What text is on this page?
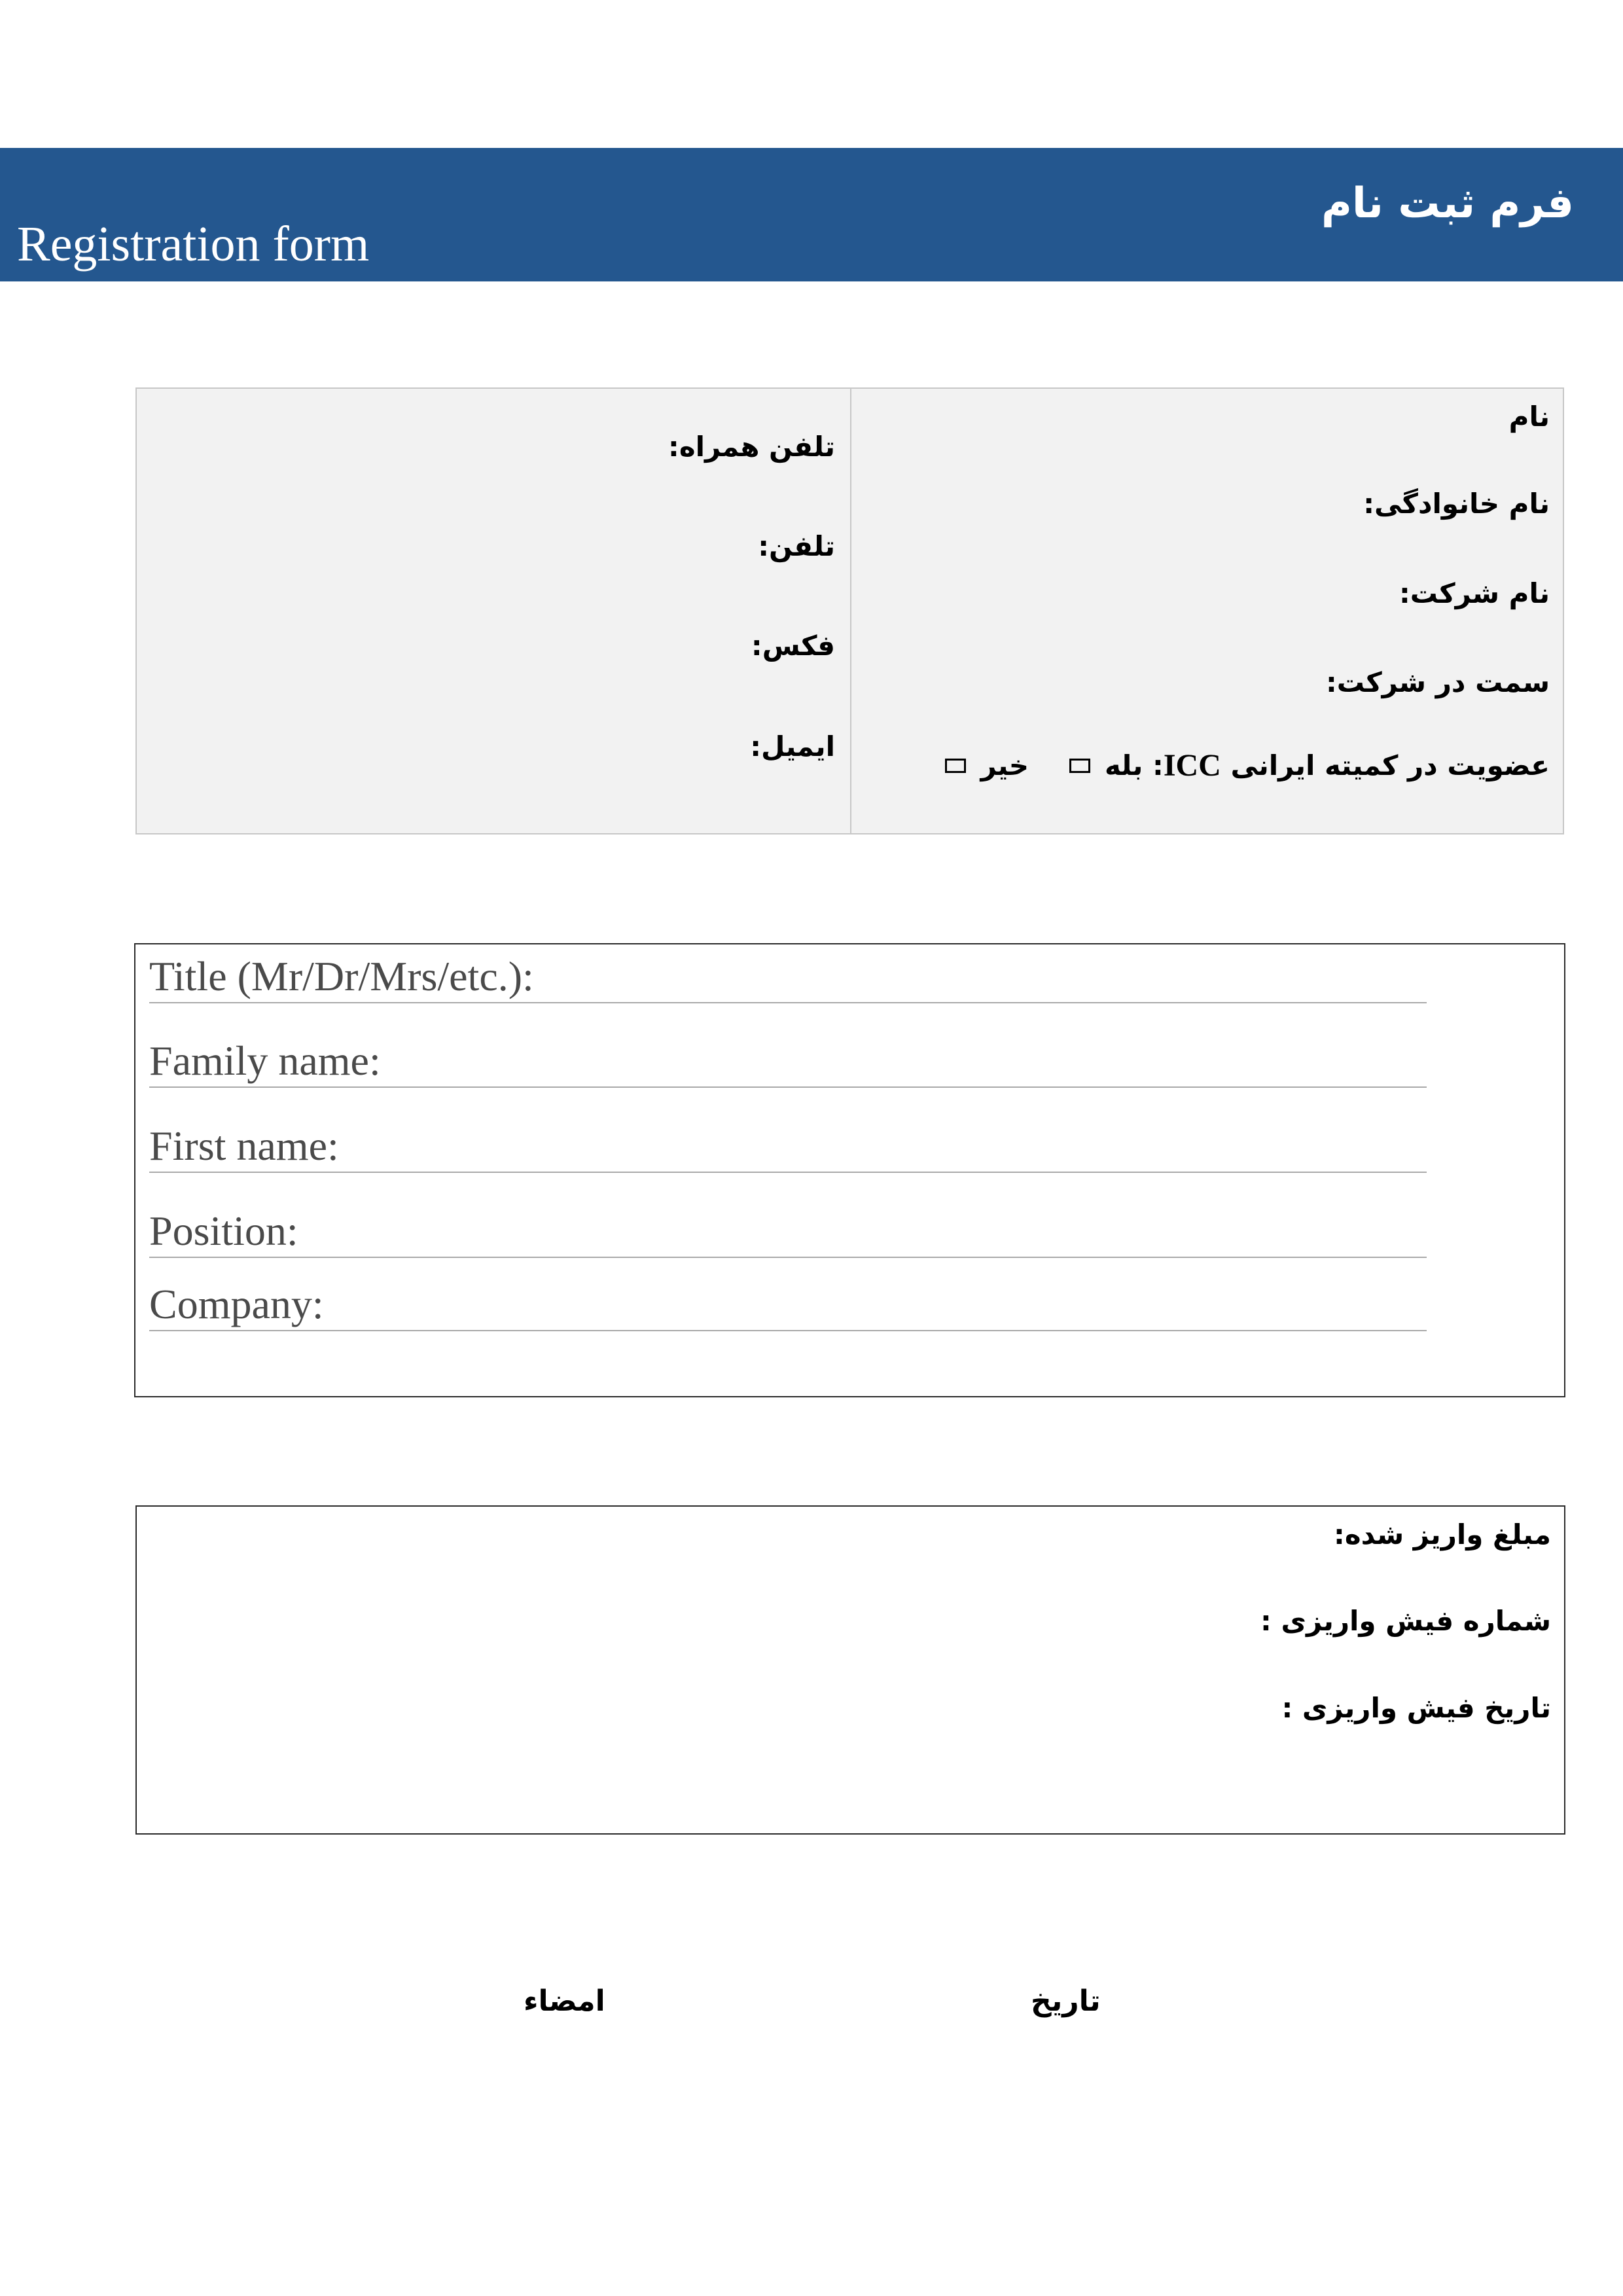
فرم ثبت نام
Registration form
نام
نام خانوادگی:
نام شرکت:
سمت در شرکت:
عضویت در کمیته ایرانی

ICC
:

بله
خیر
تلفن همراه:
تلفن:
فکس:
ایمیل:
Title (Mr/Dr/Mrs/etc.):
Family name:
First name:
Position:
Company:
مبلغ واریز شده:
شماره فیش واریزی :
تاریخ فیش واریزی :
تاریخ
امضاء
